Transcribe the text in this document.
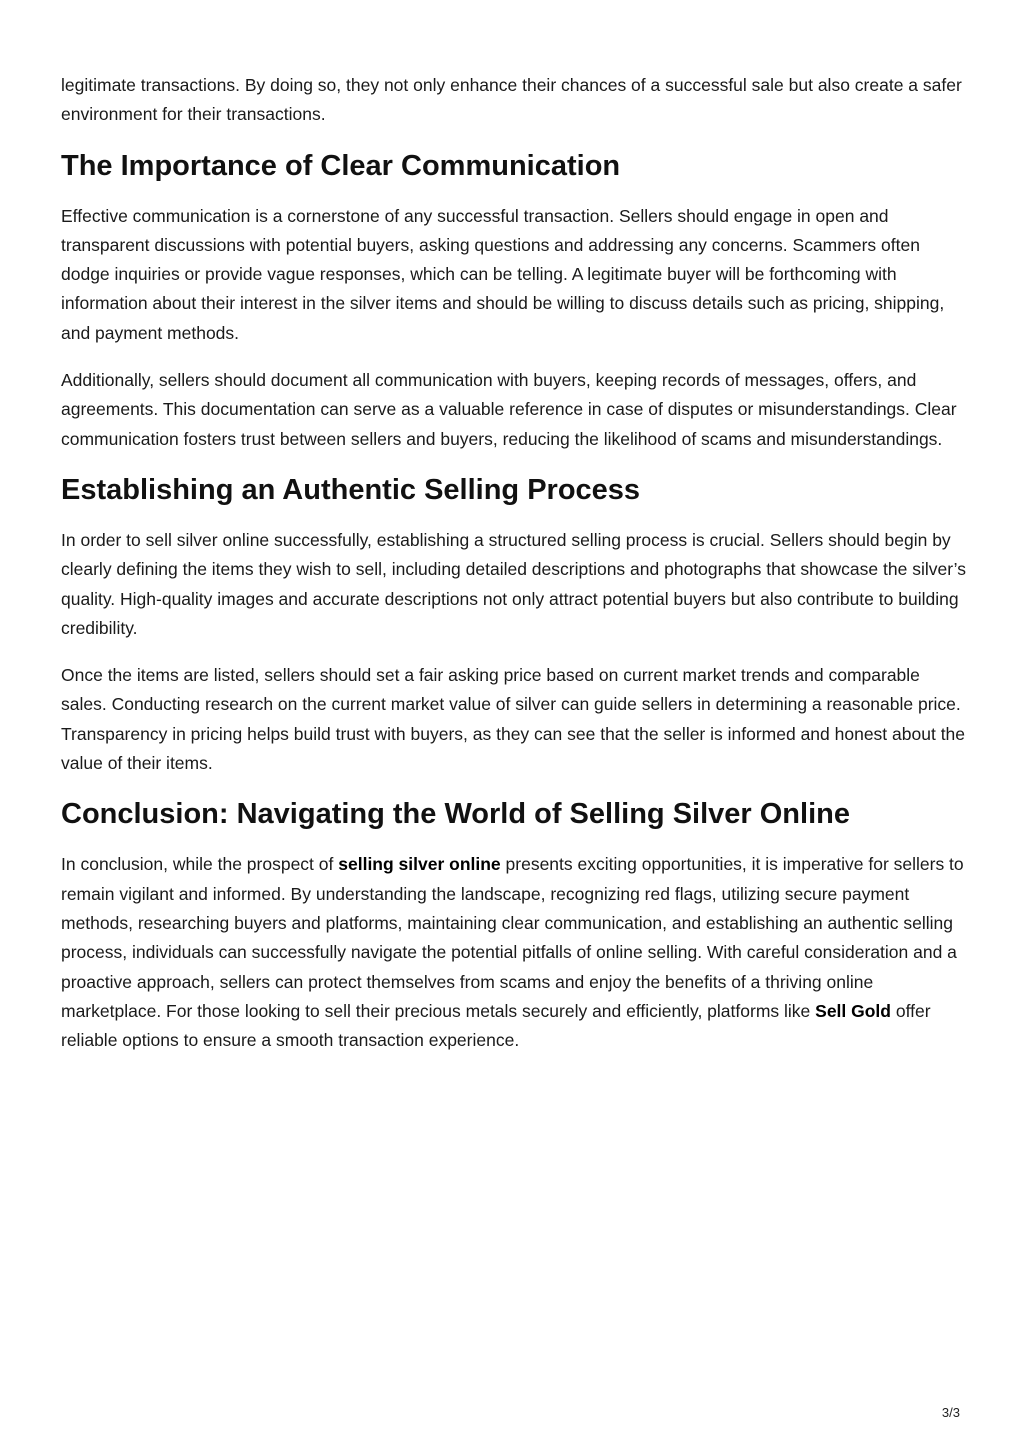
legitimate transactions. By doing so, they not only enhance their chances of a successful sale but also create a safer environment for their transactions.

The Importance of Clear Communication

Effective communication is a cornerstone of any successful transaction. Sellers should engage in open and transparent discussions with potential buyers, asking questions and addressing any concerns. Scammers often dodge inquiries or provide vague responses, which can be telling. A legitimate buyer will be forthcoming with information about their interest in the silver items and should be willing to discuss details such as pricing, shipping, and payment methods.

Additionally, sellers should document all communication with buyers, keeping records of messages, offers, and agreements. This documentation can serve as a valuable reference in case of disputes or misunderstandings. Clear communication fosters trust between sellers and buyers, reducing the likelihood of scams and misunderstandings.

Establishing an Authentic Selling Process

In order to sell silver online successfully, establishing a structured selling process is crucial. Sellers should begin by clearly defining the items they wish to sell, including detailed descriptions and photographs that showcase the silver’s quality. High-quality images and accurate descriptions not only attract potential buyers but also contribute to building credibility.

Once the items are listed, sellers should set a fair asking price based on current market trends and comparable sales. Conducting research on the current market value of silver can guide sellers in determining a reasonable price. Transparency in pricing helps build trust with buyers, as they can see that the seller is informed and honest about the value of their items.

Conclusion: Navigating the World of Selling Silver Online

In conclusion, while the prospect of selling silver online presents exciting opportunities, it is imperative for sellers to remain vigilant and informed. By understanding the landscape, recognizing red flags, utilizing secure payment methods, researching buyers and platforms, maintaining clear communication, and establishing an authentic selling process, individuals can successfully navigate the potential pitfalls of online selling. With careful consideration and a proactive approach, sellers can protect themselves from scams and enjoy the benefits of a thriving online marketplace. For those looking to sell their precious metals securely and efficiently, platforms like Sell Gold offer reliable options to ensure a smooth transaction experience.

3/3
